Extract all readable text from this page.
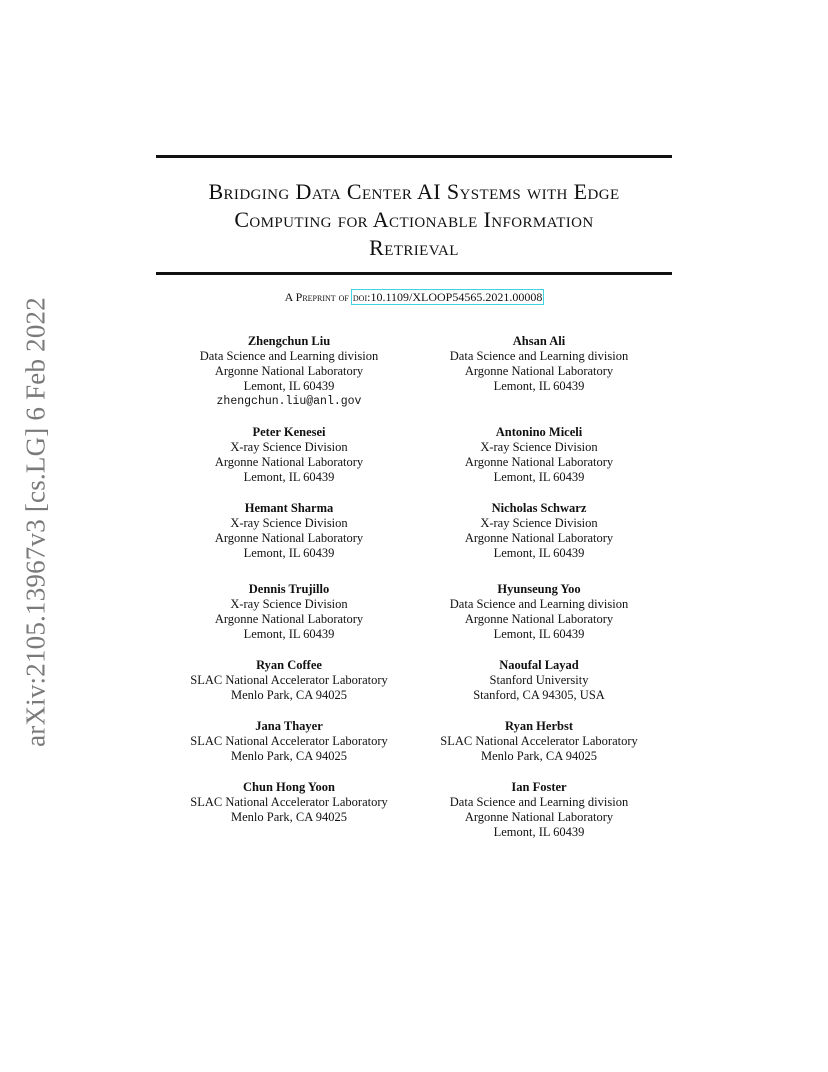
arXiv:2105.13967v3 [cs.LG] 6 Feb 2022
Bridging Data Center AI Systems with Edge
Computing for Actionable Information
Retrieval
A Preprint of doi:10.1109/XLOOP54565.2021.00008
Zhengchun Liu
Data Science and Learning division
Argonne National Laboratory
Lemont, IL 60439
zhengchun.liu@anl.gov
Ahsan Ali
Data Science and Learning division
Argonne National Laboratory
Lemont, IL 60439
Peter Kenesei
X-ray Science Division
Argonne National Laboratory
Lemont, IL 60439
Antonino Miceli
X-ray Science Division
Argonne National Laboratory
Lemont, IL 60439
Hemant Sharma
X-ray Science Division
Argonne National Laboratory
Lemont, IL 60439
Nicholas Schwarz
X-ray Science Division
Argonne National Laboratory
Lemont, IL 60439
Dennis Trujillo
X-ray Science Division
Argonne National Laboratory
Lemont, IL 60439
Hyunseung Yoo
Data Science and Learning division
Argonne National Laboratory
Lemont, IL 60439
Ryan Coffee
SLAC National Accelerator Laboratory
Menlo Park, CA 94025
Naoufal Layad
Stanford University
Stanford, CA 94305, USA
Jana Thayer
SLAC National Accelerator Laboratory
Menlo Park, CA 94025
Ryan Herbst
SLAC National Accelerator Laboratory
Menlo Park, CA 94025
Chun Hong Yoon
SLAC National Accelerator Laboratory
Menlo Park, CA 94025
Ian Foster
Data Science and Learning division
Argonne National Laboratory
Lemont, IL 60439
